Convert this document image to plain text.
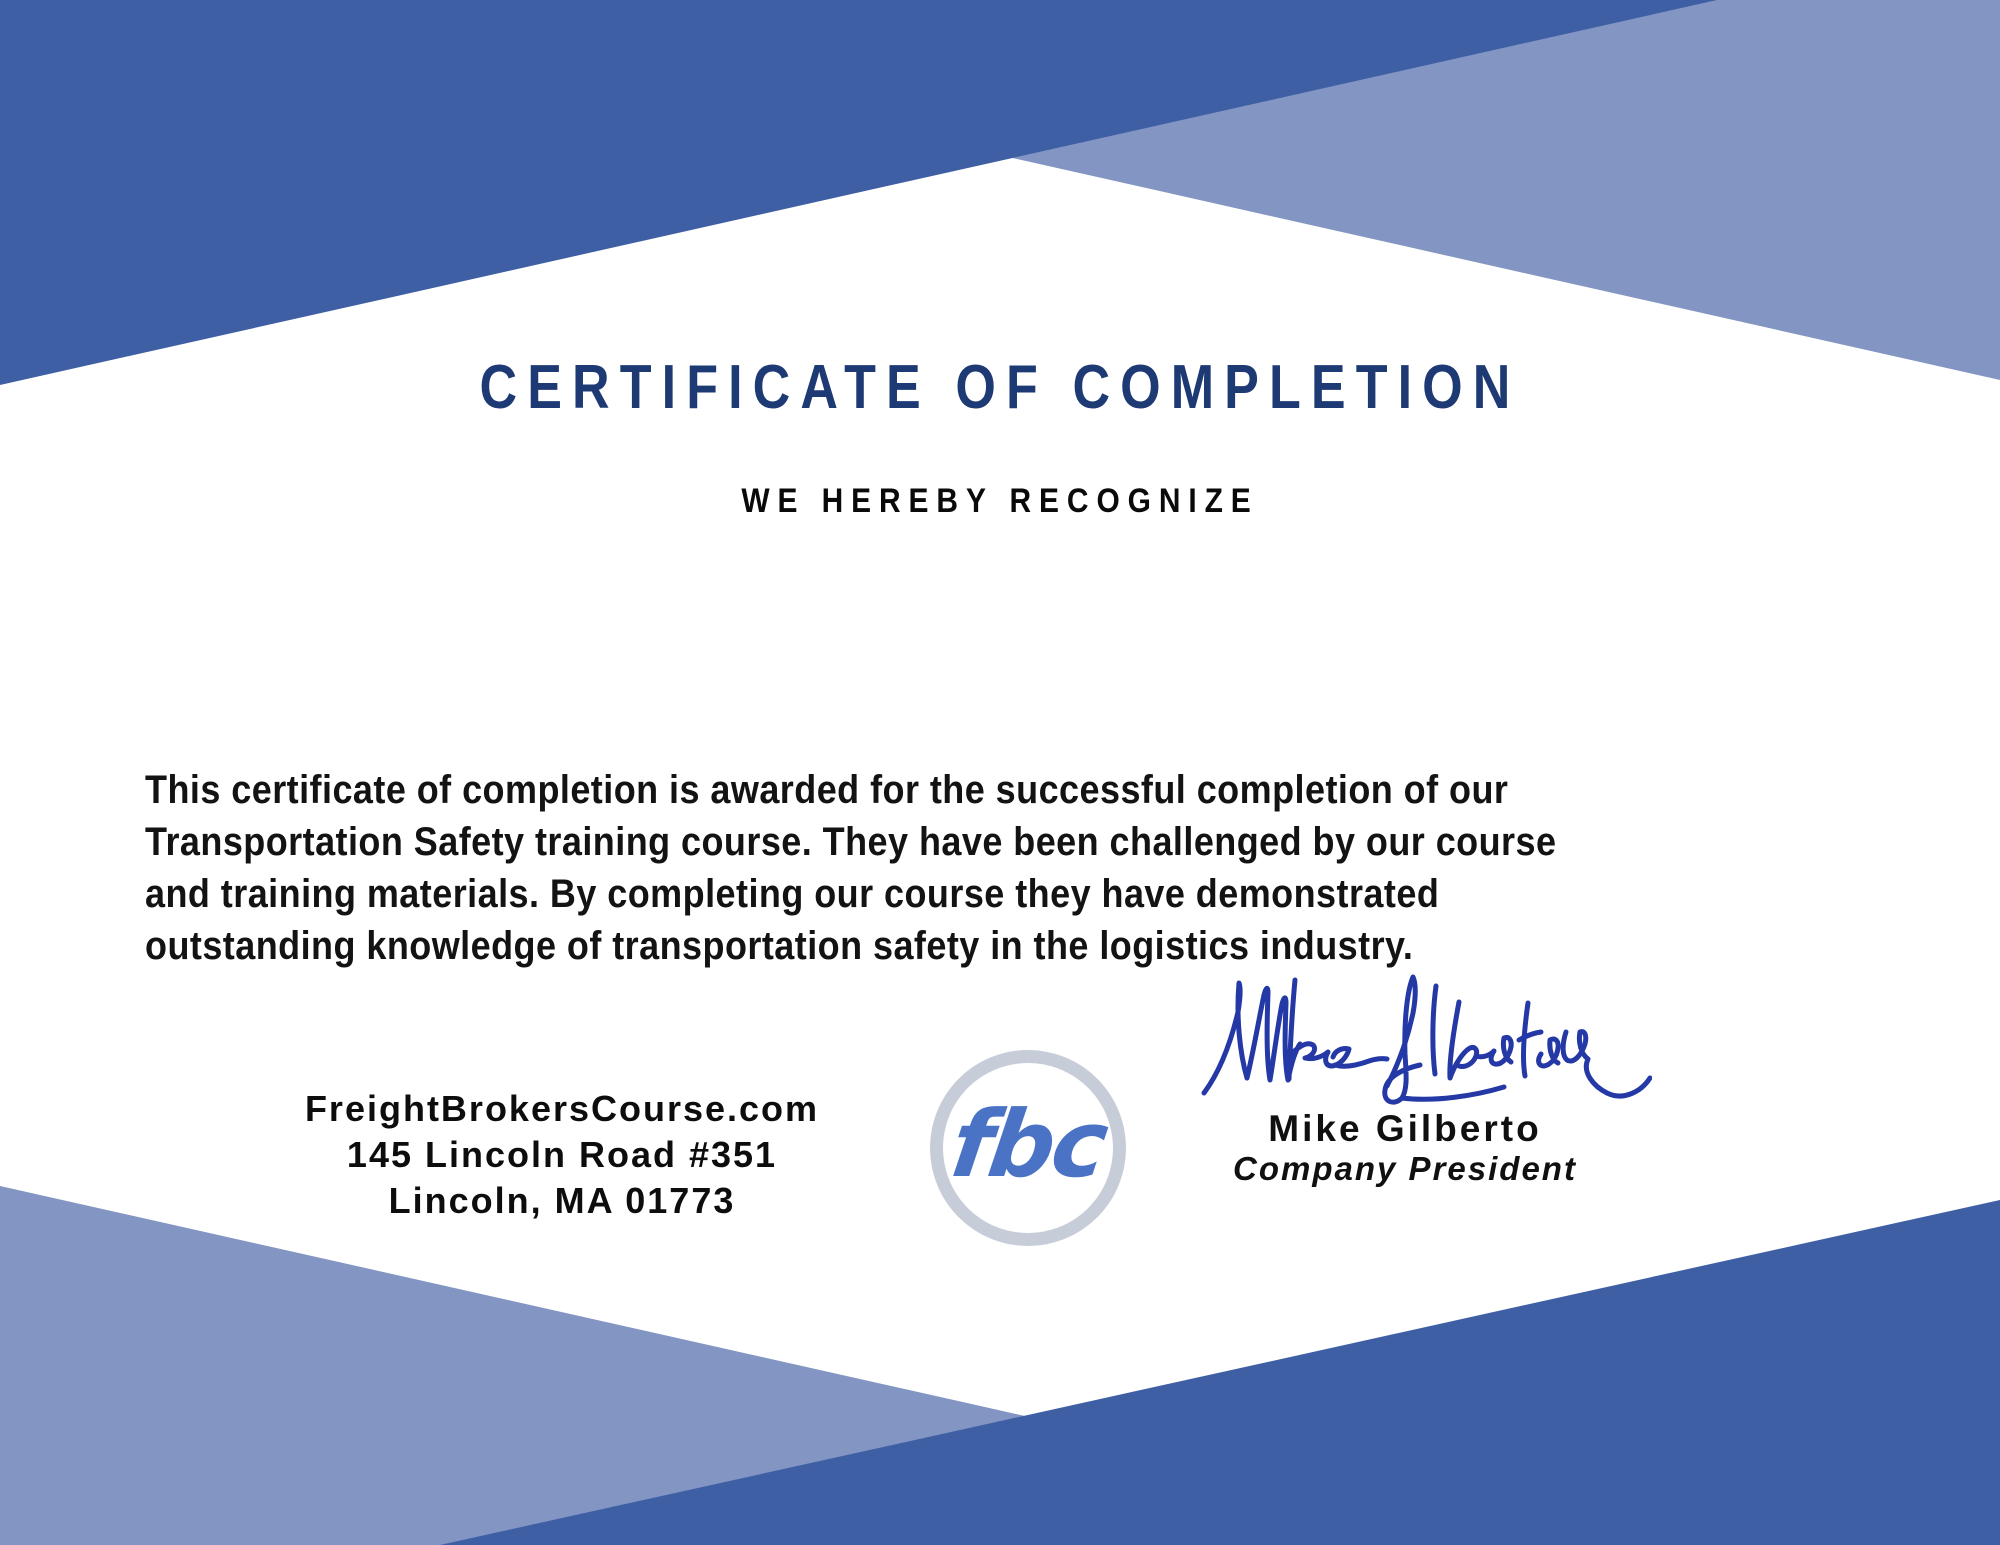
CERTIFICATE OF COMPLETION
WE HEREBY RECOGNIZE
This certificate of completion is awarded for the successful completion of our
Transportation Safety training course. They have been challenged by our course
and training materials. By completing our course they have demonstrated
outstanding knowledge of transportation safety in the logistics industry.
FreightBrokersCourse.com
145 Lincoln Road #351
Lincoln, MA 01773
fbc	Mike Gilberto
Company President
